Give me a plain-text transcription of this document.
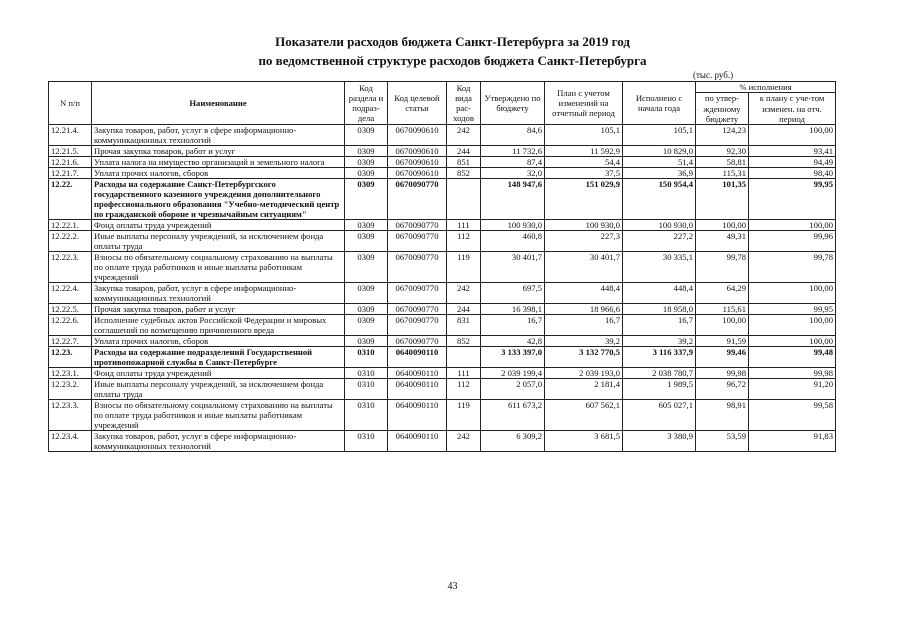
Показатели расходов бюджета Санкт-Петербурга за 2019 год
по ведомственной структуре расходов бюджета Санкт-Петербурга
(тыс. руб.)
N п/п	Наименование	Код раздела и подраз-дела	Код целевой статьи	Код вида рас-ходов	Утверждено по бюджету	План с учетом изменений на отчетный период	Исполнено с начала года	% исполнения	
								по утвер-жденному бюджету	к плану с уче-том изменен. на отч. период
12.21.4.	Закупка товаров, работ, услуг в сфере информационно-коммуникационных технологий	0309	0670090610	242	84,6	105,1	105,1	124,23	100,00
12.21.5.	Прочая закупка товаров, работ и услуг	0309	0670090610	244	11 732,6	11 592,9	10 829,0	92,30	93,41
12.21.6.	Уплата налога на имущество организаций и земельного налога	0309	0670090610	851	87,4	54,4	51,4	58,81	94,49
12.21.7.	Уплата прочих налогов, сборов	0309	0670090610	852	32,0	37,5	36,9	115,31	98,40
12.22.	Расходы на содержание Санкт-Петербургского государственного казенного учреждения дополнительного профессионального образования "Учебно-методический центр по гражданской обороне и чрезвычайным ситуациям"	0309	0670090770		148 947,6	151 029,9	150 954,4	101,35	99,95
12.22.1.	Фонд оплаты труда учреждений	0309	0670090770	111	100 930,0	100 930,0	100 930,0	100,00	100,00
12.22.2.	Иные выплаты персоналу учреждений, за исключением фонда оплаты труда	0309	0670090770	112	460,8	227,3	227,2	49,31	99,96
12.22.3.	Взносы по обязательному социальному страхованию на выплаты по оплате труда работников и иные выплаты работникам учреждений	0309	0670090770	119	30 401,7	30 401,7	30 335,1	99,78	99,78
12.22.4.	Закупка товаров, работ, услуг в сфере информационно-коммуникационных технологий	0309	0670090770	242	697,5	448,4	448,4	64,29	100,00
12.22.5.	Прочая закупка товаров, работ и услуг	0309	0670090770	244	16 398,1	18 966,6	18 958,0	115,61	99,95
12.22.6.	Исполнение судебных актов Российской Федерации и мировых соглашений по возмещению причиненного вреда	0309	0670090770	831	16,7	16,7	16,7	100,00	100,00
12.22.7.	Уплата прочих налогов, сборов	0309	0670090770	852	42,8	39,2	39,2	91,59	100,00
12.23.	Расходы на содержание подразделений Государственной противопожарной службы в Санкт-Петербурге	0310	0640090110		3 133 397,0	3 132 770,5	3 116 337,9	99,46	99,48
12.23.1.	Фонд оплаты труда учреждений	0310	0640090110	111	2 039 199,4	2 039 193,0	2 038 780,7	99,98	99,98
12.23.2.	Иные выплаты персоналу учреждений, за исключением фонда оплаты труда	0310	0640090110	112	2 057,0	2 181,4	1 989,5	96,72	91,20
12.23.3.	Взносы по обязательному социальному страхованию на выплаты по оплате труда работников и иные выплаты работникам учреждений	0310	0640090110	119	611 673,2	607 562,1	605 027,1	98,91	99,58
12.23.4.	Закупка товаров, работ, услуг в сфере информационно-коммуникационных технологий	0310	0640090110	242	6 309,2	3 681,5	3 380,9	53,59	91,83
43
